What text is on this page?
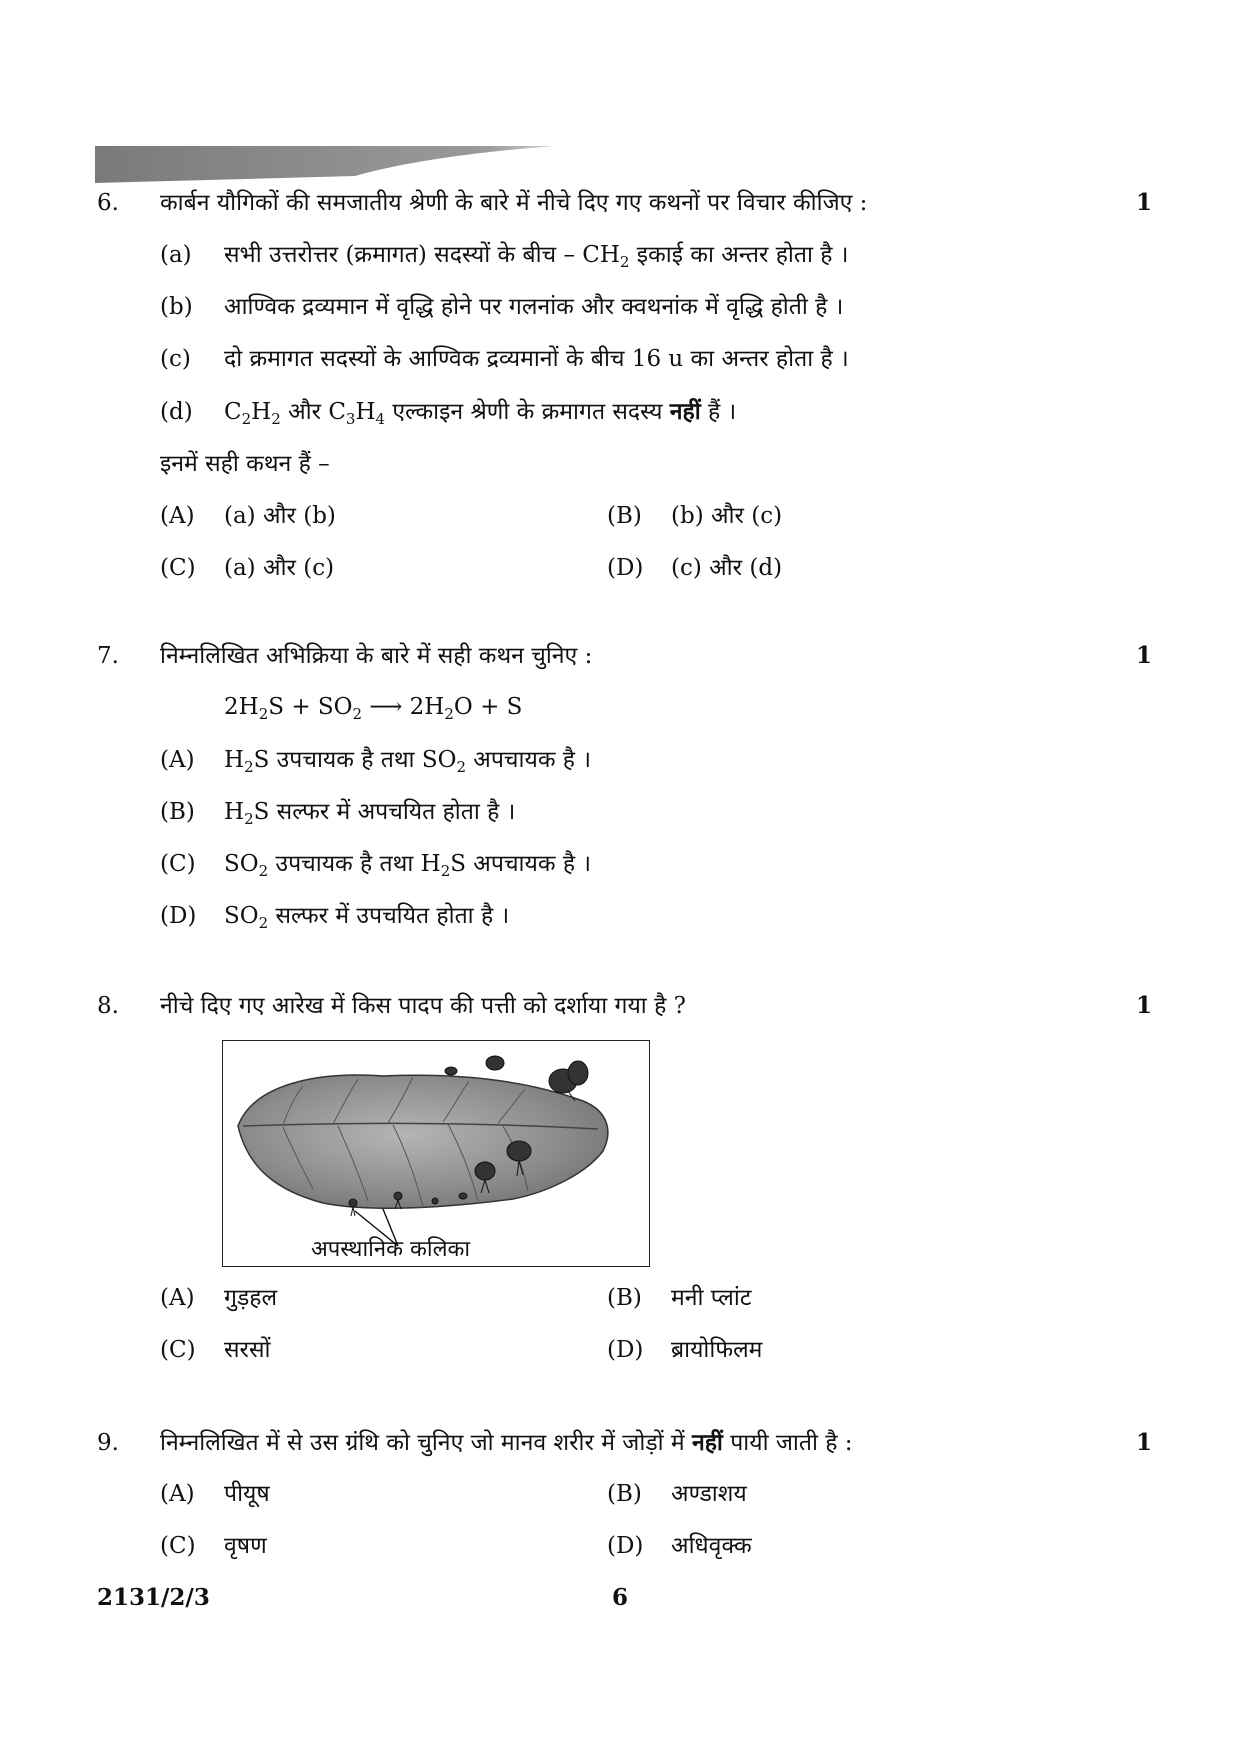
6. कार्बन यौगिकों की समजातीय श्रेणी के बारे में नीचे दिए गए कथनों पर विचार कीजिए :	1
(a) सभी उत्तरोत्तर (क्रमागत) सदस्यों के बीच – $CH_2$ इकाई का अन्तर होता है ।
(b) आण्विक द्रव्यमान में वृद्धि होने पर गलनांक और क्वथनांक में वृद्धि होती है ।
(c) दो क्रमागत सदस्यों के आण्विक द्रव्यमानों के बीच 16 u का अन्तर होता है ।
(d) $C_2H_2$ और $C_3H_4$ एल्काइन श्रेणी के क्रमागत सदस्य नहीं हैं ।
इनमें सही कथन हैं –
(A) (a) और (b)	(B) (b) और (c)
(C) (a) और (c)	(D) (c) और (d)
7. निम्नलिखित अभिक्रिया के बारे में सही कथन चुनिए :	1
$2H_2S + SO_2$ ⟶ $2H_2O + S$
(A) $H_2S$ उपचायक है तथा $SO_2$ अपचायक है ।
(B) $H_2S$ सल्फर में अपचयित होता है ।
(C) $SO_2$ उपचायक है तथा $H_2S$ अपचायक है ।
(D) $SO_2$ सल्फर में उपचयित होता है ।
8. नीचे दिए गए आरेख में किस पादप की पत्ती को दर्शाया गया है ?	1
अपस्थानिक कलिका
(A) गुड़हल	(B) मनी प्लांट
(C) सरसों	(D) ब्रायोफिलम
9. निम्नलिखित में से उस ग्रंथि को चुनिए जो मानव शरीर में जोड़ों में नहीं पायी जाती है :	1
(A) पीयूष	(B) अण्डाशय
(C) वृषण	(D) अधिवृक्क
2131/2/3	6
